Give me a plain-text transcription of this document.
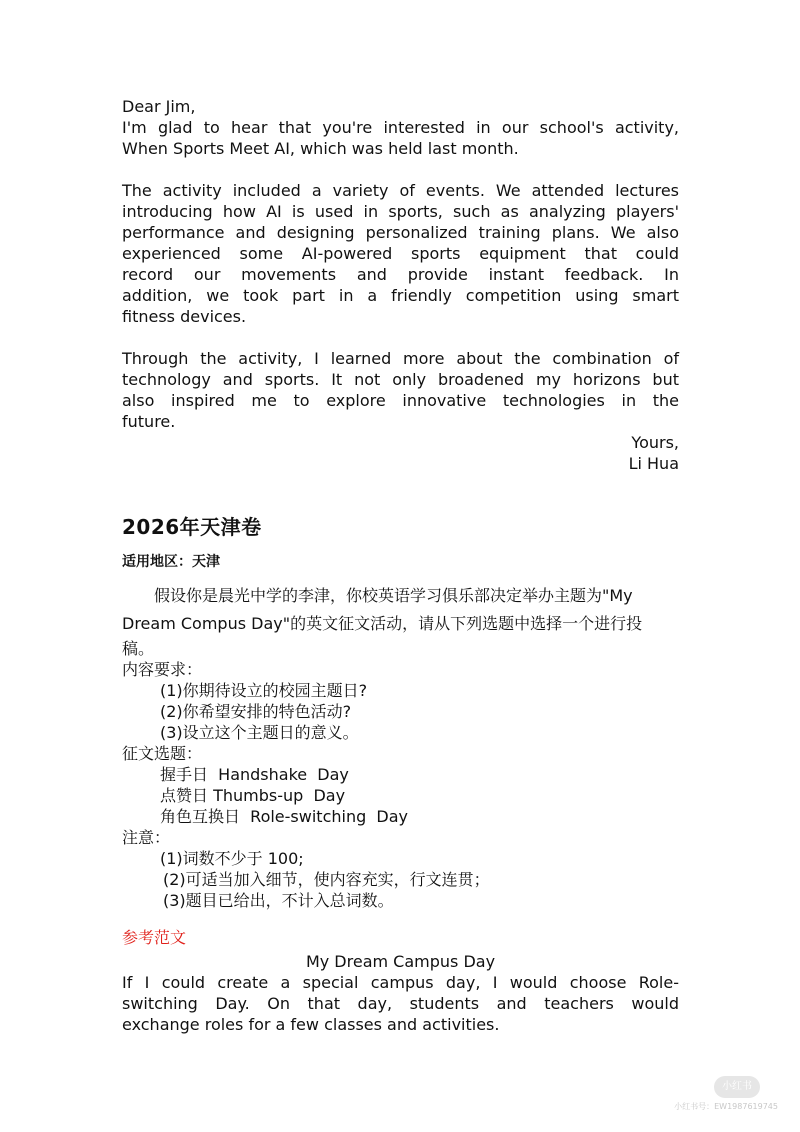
Dear Jim,
I'm glad to hear that you're interested in our school's activity,
When Sports Meet AI, which was held last month.
The activity included a variety of events. We attended lectures
introducing how AI is used in sports, such as analyzing players'
performance and designing personalized training plans. We also
experienced some AI-powered sports equipment that could
record our movements and provide instant feedback. In
addition, we took part in a friendly competition using smart
fitness devices.
Through the activity, I learned more about the combination of
technology and sports. It not only broadened my horizons but
also inspired me to explore innovative technologies in the
future.
Yours,
Li Hua
2026年天津卷
适用地区：天津
假设你是晨光中学的李津，你校英语学习俱乐部决定举办主题为"My
Dream Compus Day"的英文征文活动，请从下列选题中选择一个进行投
稿。
内容要求：
(1)你期待设立的校园主题日?
(2)你希望安排的特色活动?
(3)设立这个主题日的意义。
征文选题：
握手日  Handshake  Day
点赞日 Thumbs-up  Day
角色互换日  Role-switching  Day
注意：
(1)词数不少于 100;
(2)可适当加入细节，使内容充实，行文连贯；
(3)题目已给出，不计入总词数。
参考范文
My Dream Campus Day
If I could create a special campus day, I would choose Role-
switching Day. On that day, students and teachers would
exchange roles for a few classes and activities.
小红书
小红书号：EW1987619745
